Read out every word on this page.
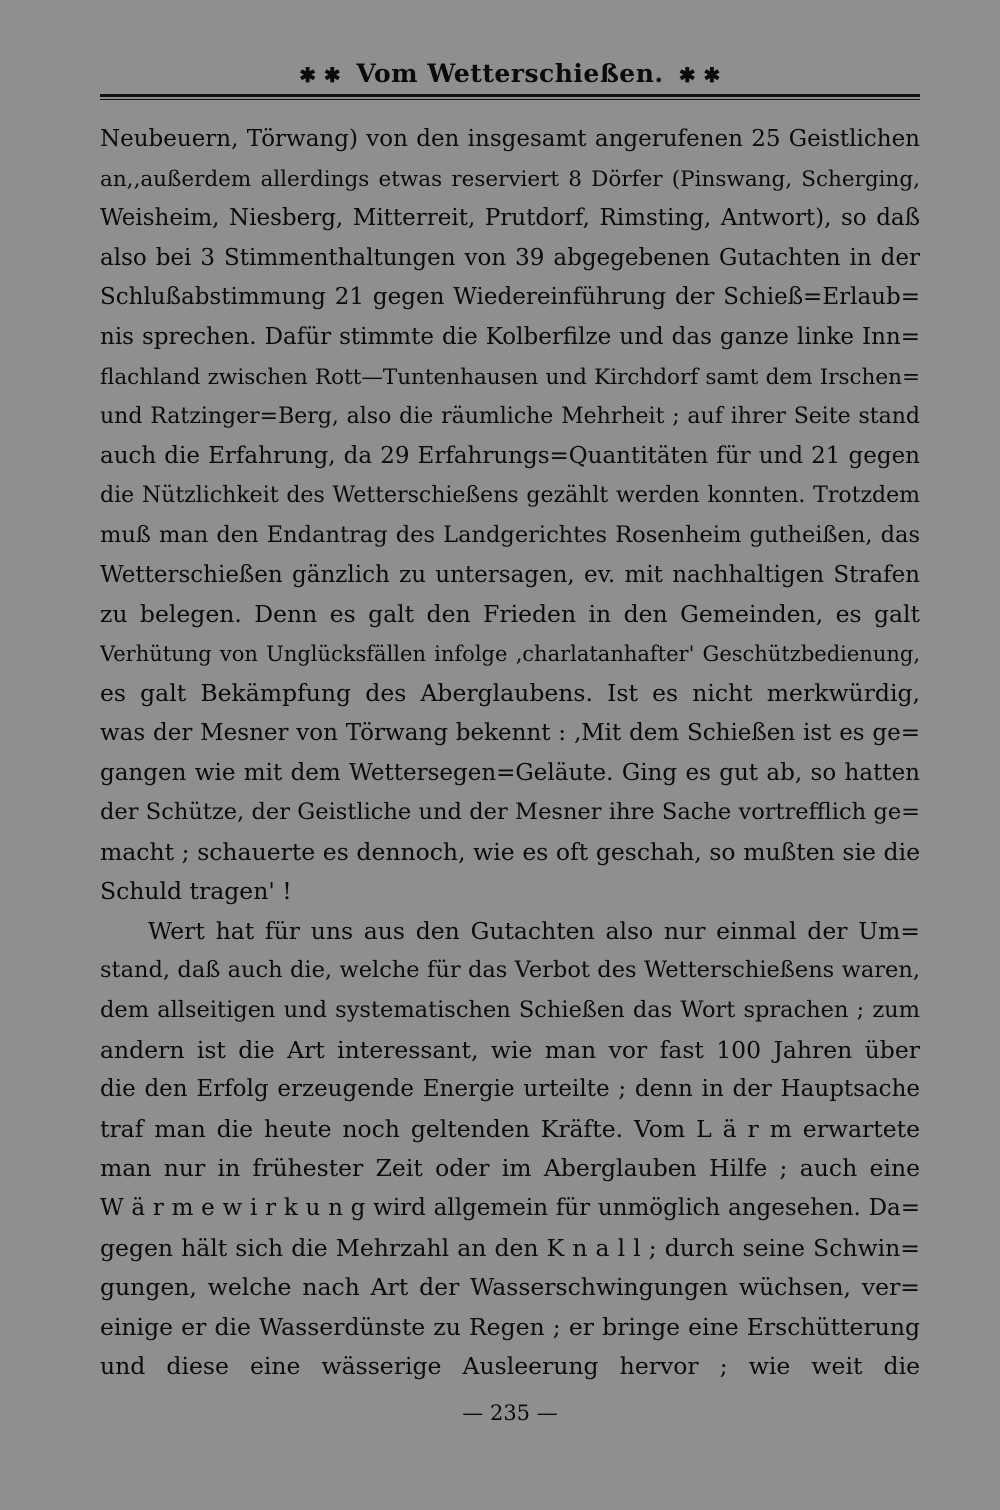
✱ ✱ Vom Wetterschießen. ✱ ✱
Neubeuern, Törwang) von den insgesamt angerufenen 25 Geistlichen
an,‚außerdem allerdings etwas reserviert 8 Dörfer (Pinswang, Scherging,
Weisheim, Niesberg, Mitterreit, Prutdorf, Rimsting, Antwort), so daß
also bei 3 Stimmenthaltungen von 39 abgegebenen Gutachten in der
Schlußabstimmung 21 gegen Wiedereinführung der Schieß=Erlaub=
nis sprechen. Dafür stimmte die Kolberfilze und das ganze linke Inn=
flachland zwischen Rott—Tuntenhausen und Kirchdorf samt dem Irschen=
und Ratzinger=Berg, also die räumliche Mehrheit ; auf ihrer Seite stand
auch die Erfahrung, da 29 Erfahrungs=Quantitäten für und 21 gegen
die Nützlichkeit des Wetterschießens gezählt werden konnten. Trotzdem
muß man den Endantrag des Landgerichtes Rosenheim gutheißen, das
Wetterschießen gänzlich zu untersagen, ev. mit nachhaltigen Strafen
zu belegen. Denn es galt den Frieden in den Gemeinden, es galt
Verhütung von Unglücksfällen infolge ‚charlatanhafter' Geschützbedienung,
es galt Bekämpfung des Aberglaubens. Ist es nicht merkwürdig,
was der Mesner von Törwang bekennt : ‚Mit dem Schießen ist es ge=
gangen wie mit dem Wettersegen=Geläute. Ging es gut ab, so hatten
der Schütze, der Geistliche und der Mesner ihre Sache vortrefflich ge=
macht ; schauerte es dennoch, wie es oft geschah, so mußten sie die
Schuld tragen' !
Wert hat für uns aus den Gutachten also nur einmal der Um=
stand, daß auch die, welche für das Verbot des Wetterschießens waren,
dem allseitigen und systematischen Schießen das Wort sprachen ; zum
andern ist die Art interessant, wie man vor fast 100 Jahren über
die den Erfolg erzeugende Energie urteilte ; denn in der Hauptsache
traf man die heute noch geltenden Kräfte. Vom L ä r m erwartete
man nur in frühester Zeit oder im Aberglauben Hilfe ; auch eine
W ä r m e w i r k u n g wird allgemein für unmöglich angesehen. Da=
gegen hält sich die Mehrzahl an den K n a l l ; durch seine Schwin=
gungen, welche nach Art der Wasserschwingungen wüchsen, ver=
einige er die Wasserdünste zu Regen ; er bringe eine Erschütterung
und diese eine wässerige Ausleerung hervor ; wie weit die
— 235 —
